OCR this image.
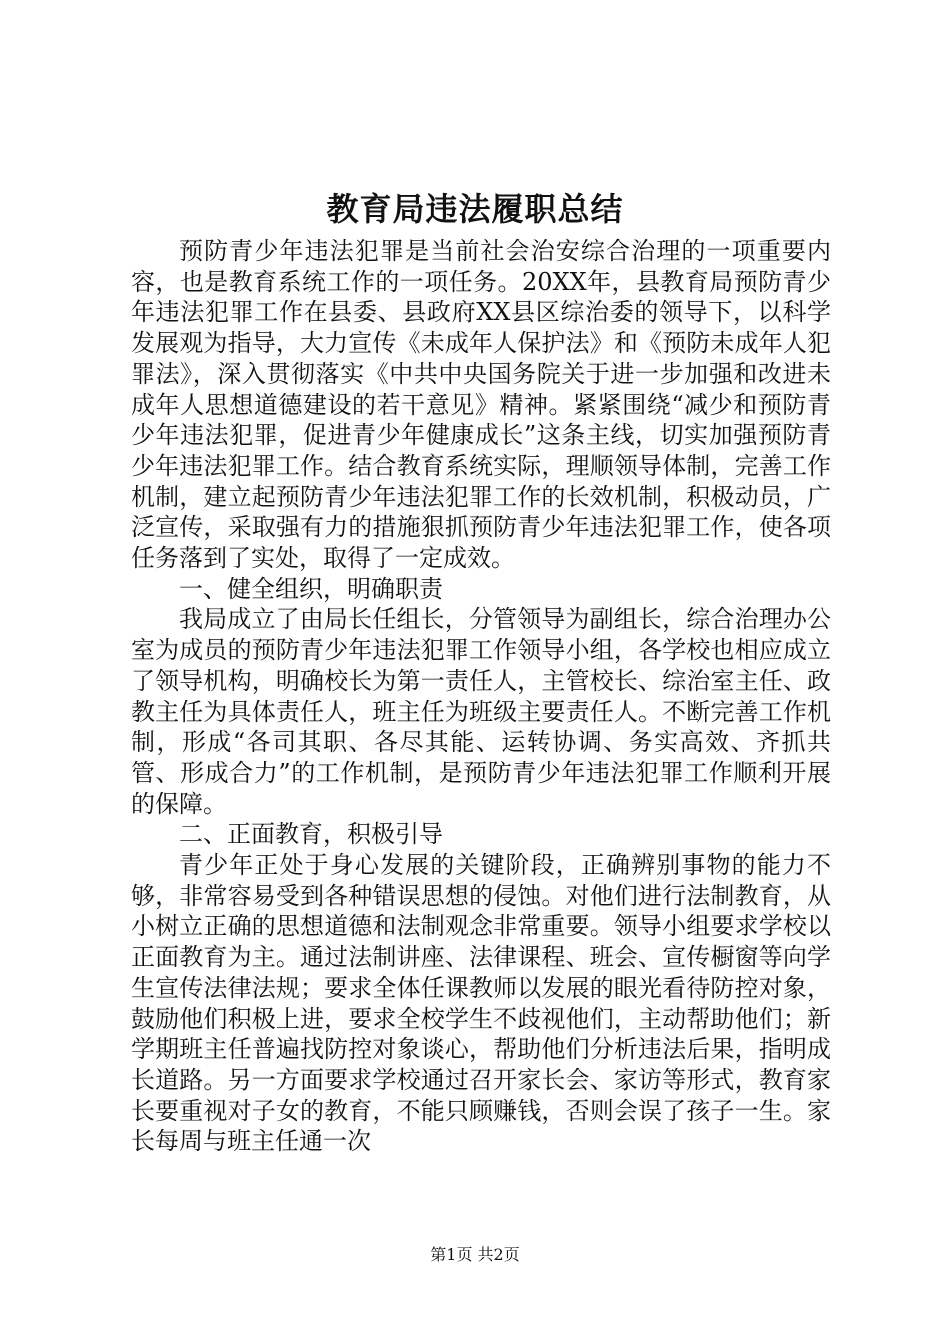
教育局违法履职总结

预防青少年违法犯罪是当前社会治安综合治理的一项重要内容，也是教育系统工作的一项任务。20XX年，县教育局预防青少年违法犯罪工作在县委、县政府XX县区综治委的领导下，以科学发展观为指导，大力宣传《未成年人保护法》和《预防未成年人犯罪法》，深入贯彻落实《中共中央国务院关于进一步加强和改进未成年人思想道德建设的若干意见》精神。紧紧围绕“减少和预防青少年违法犯罪，促进青少年健康成长”这条主线，切实加强预防青少年违法犯罪工作。结合教育系统实际，理顺领导体制，完善工作机制，建立起预防青少年违法犯罪工作的长效机制，积极动员，广泛宣传，采取强有力的措施狠抓预防青少年违法犯罪工作，使各项任务落到了实处，取得了一定成效。

一、健全组织，明确职责

我局成立了由局长任组长，分管领导为副组长，综合治理办公室为成员的预防青少年违法犯罪工作领导小组，各学校也相应成立了领导机构，明确校长为第一责任人，主管校长、综治室主任、政教主任为具体责任人，班主任为班级主要责任人。不断完善工作机制，形成“各司其职、各尽其能、运转协调、务实高效、齐抓共管、形成合力”的工作机制，是预防青少年违法犯罪工作顺利开展的保障。

二、正面教育，积极引导

青少年正处于身心发展的关键阶段，正确辨别事物的能力不够，非常容易受到各种错误思想的侵蚀。对他们进行法制教育，从小树立正确的思想道德和法制观念非常重要。领导小组要求学校以正面教育为主。通过法制讲座、法律课程、班会、宣传橱窗等向学生宣传法律法规；要求全体任课教师以发展的眼光看待防控对象，鼓励他们积极上进，要求全校学生不歧视他们，主动帮助他们；新学期班主任普遍找防控对象谈心，帮助他们分析违法后果，指明成长道路。另一方面要求学校通过召开家长会、家访等形式，教育家长要重视对子女的教育，不能只顾赚钱，否则会误了孩子一生。家长每周与班主任通一次

第1页 共2页
